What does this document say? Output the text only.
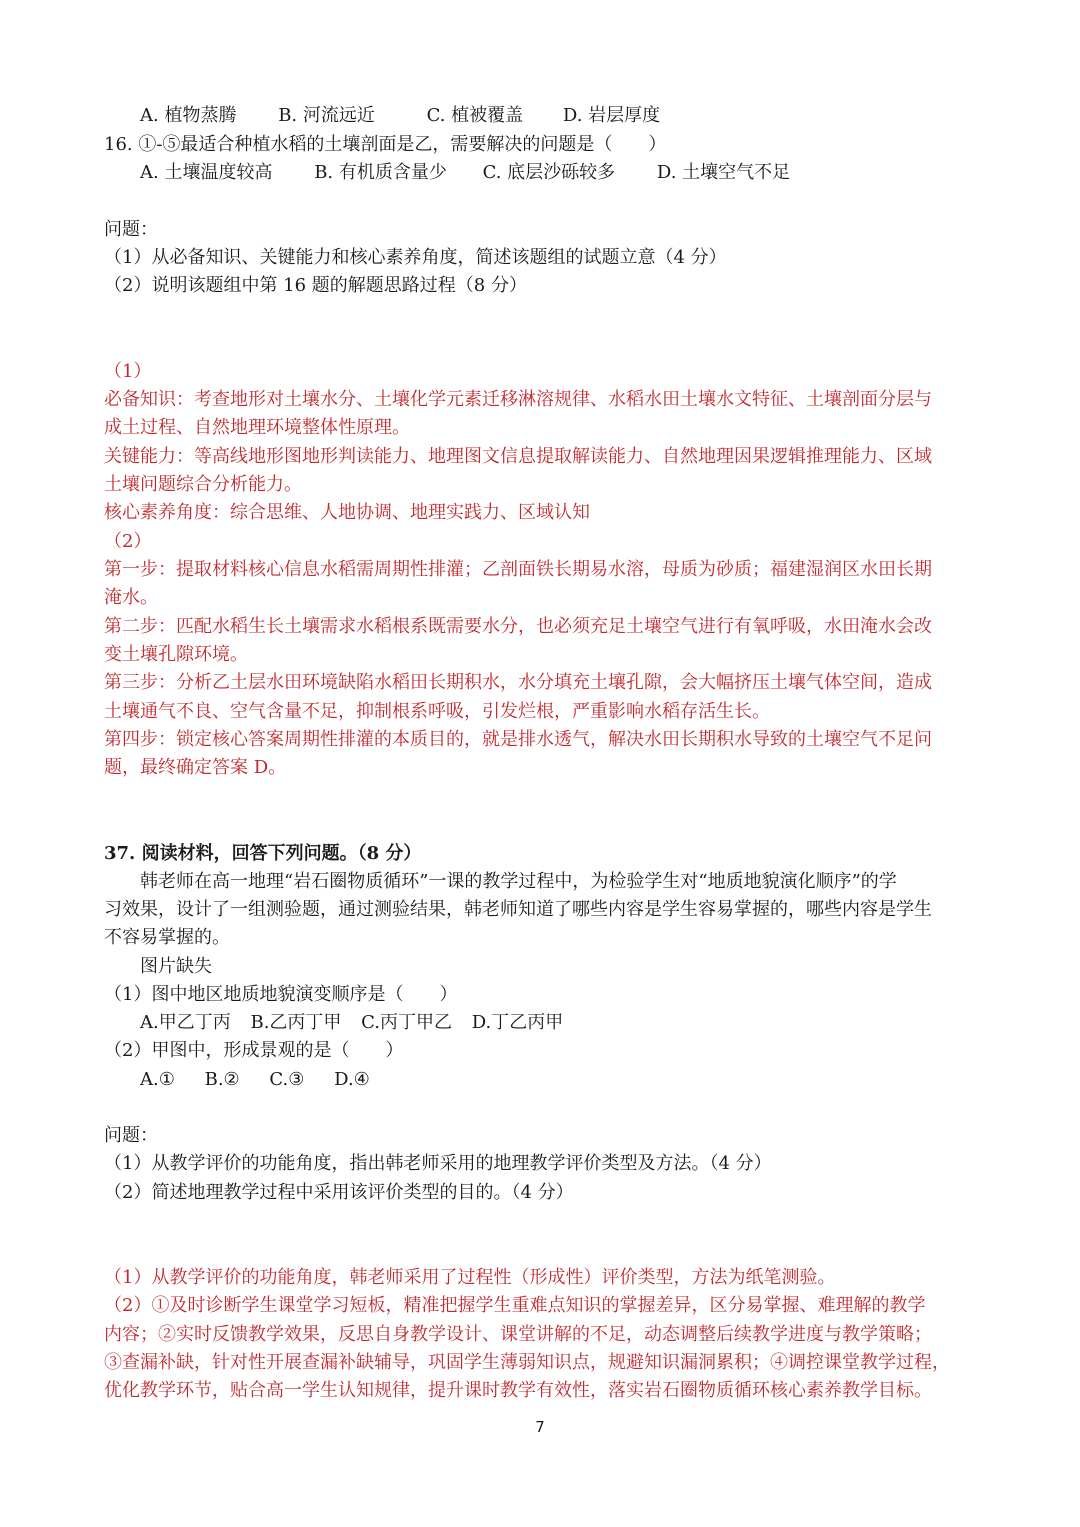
A. 植物蒸腾 B. 河流远近	C. 植被覆盖 D. 岩层厚度
16. ①-⑤最适合种植水稻的土壤剖面是乙，需要解决的问题是（　　）
A. 土壤温度较高 B. 有机质含量少 C. 底层沙砾较多 D. 土壤空气不足
问题：
（1）从必备知识、关键能力和核心素养角度，简述该题组的试题立意（4 分）
（2）说明该题组中第 16 题的解题思路过程（8 分）
（1）
必备知识：考查地形对土壤水分、土壤化学元素迁移淋溶规律、水稻水田土壤水文特征、土壤剖面分层与
成土过程、自然地理环境整体性原理。
关键能力：等高线地形图地形判读能力、地理图文信息提取解读能力、自然地理因果逻辑推理能力、区域
土壤问题综合分析能力。
核心素养角度：综合思维、人地协调、地理实践力、区域认知
（2）
第一步：提取材料核心信息水稻需周期性排灌；乙剖面铁长期易水溶，母质为砂质；福建湿润区水田长期
淹水。
第二步：匹配水稻生长土壤需求水稻根系既需要水分，也必须充足土壤空气进行有氧呼吸，水田淹水会改
变土壤孔隙环境。
第三步：分析乙土层水田环境缺陷水稻田长期积水，水分填充土壤孔隙，会大幅挤压土壤气体空间，造成
土壤通气不良、空气含量不足，抑制根系呼吸，引发烂根，严重影响水稻存活生长。
第四步：锁定核心答案周期性排灌的本质目的，就是排水透气，解决水田长期积水导致的土壤空气不足问
题，最终确定答案 D。
37. 阅读材料，回答下列问题。（8 分）
韩老师在高一地理“岩石圈物质循环”一课的教学过程中，为检验学生对“地质地貌演化顺序”的学
习效果，设计了一组测验题，通过测验结果，韩老师知道了哪些内容是学生容易掌握的，哪些内容是学生
不容易掌握的。
图片缺失
（1）图中地区地质地貌演变顺序是（　　）
A.甲乙丁丙 B.乙丙丁甲 C.丙丁甲乙 D.丁乙丙甲
（2）甲图中，形成景观的是（　　）
A.① B.② C.③ D.④
问题：
（1）从教学评价的功能角度，指出韩老师采用的地理教学评价类型及方法。（4 分）
（2）简述地理教学过程中采用该评价类型的目的。（4 分）
（1）从教学评价的功能角度，韩老师采用了过程性（形成性）评价类型，方法为纸笔测验。
（2）①及时诊断学生课堂学习短板，精准把握学生重难点知识的掌握差异，区分易掌握、难理解的教学
内容；②实时反馈教学效果，反思自身教学设计、课堂讲解的不足，动态调整后续教学进度与教学策略；
③查漏补缺，针对性开展查漏补缺辅导，巩固学生薄弱知识点，规避知识漏洞累积；④调控课堂教学过程，
优化教学环节，贴合高一学生认知规律，提升课时教学有效性，落实岩石圈物质循环核心素养教学目标。
7
